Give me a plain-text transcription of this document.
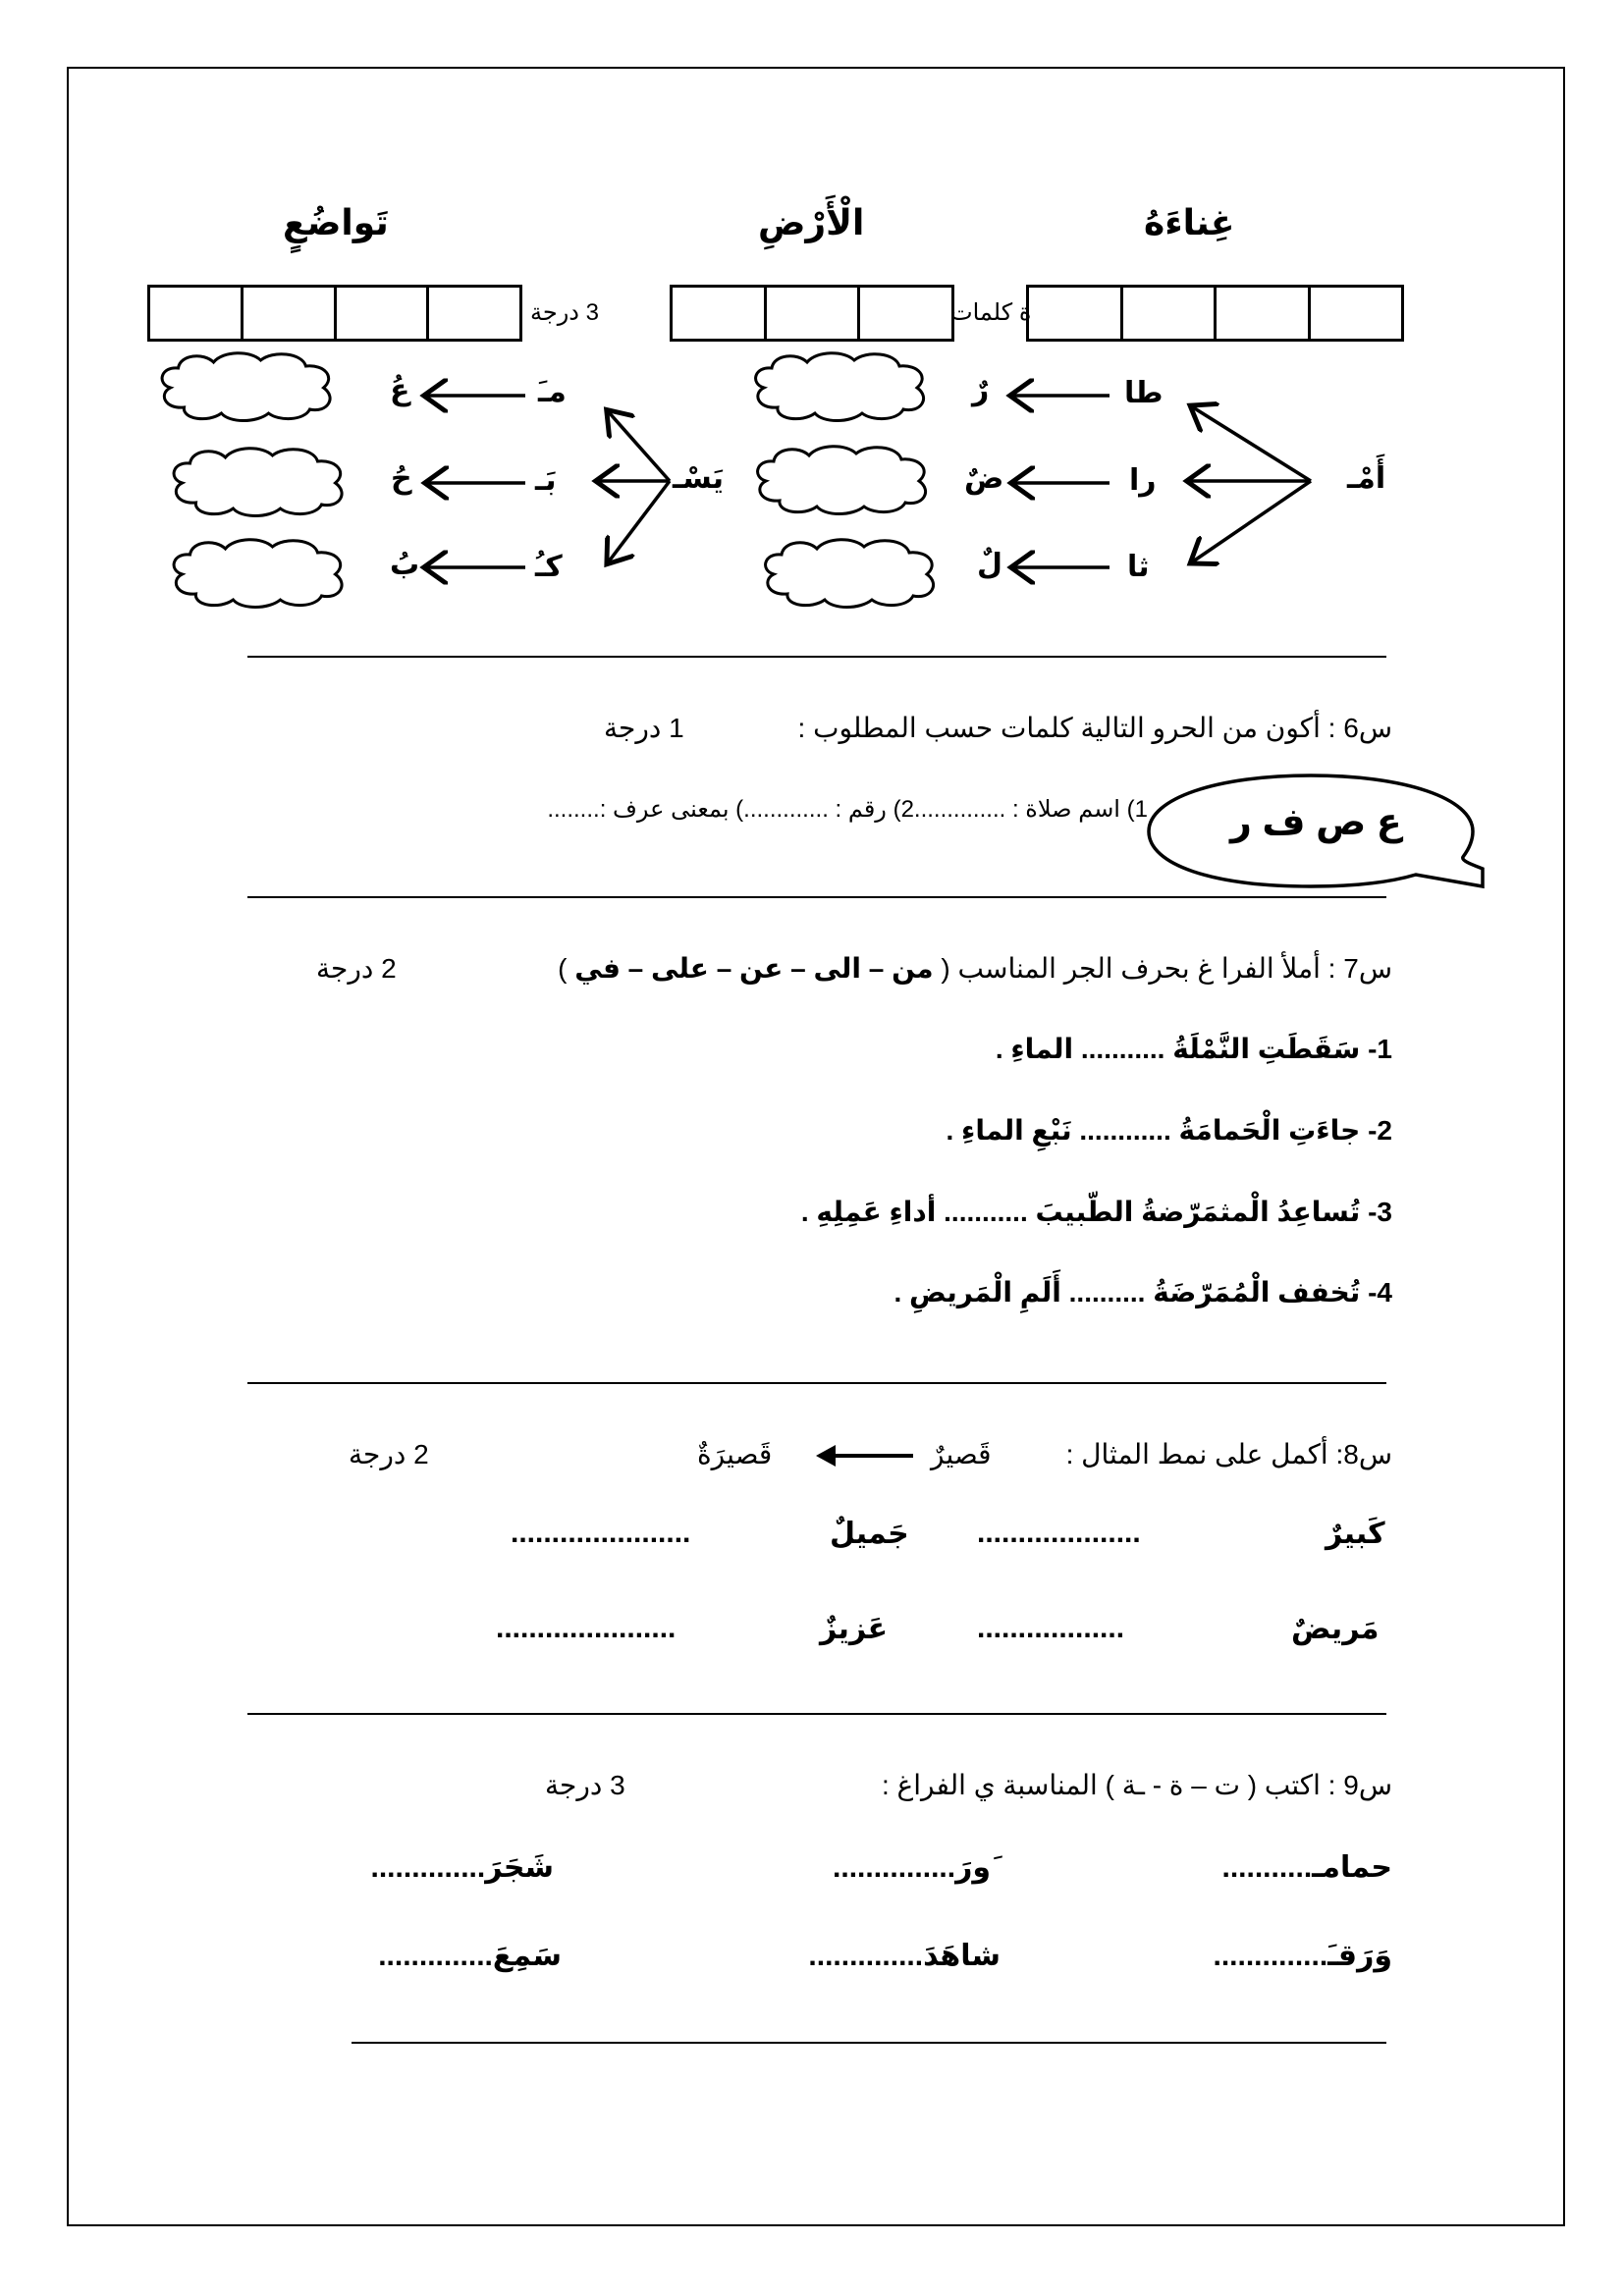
غِناءَهُ
الْأَرْضِ
تَواضُعٍ
ة كلمات
3 درجة
أَمْـ
طا
را
ثا
رٌ
ضٌ
لٌ
يَسْـ
مـَ
بَـ
كـُ
عُ
حُ
بُ
س6 : أكون من الحرو التالية كلمات حسب المطلوب :
1 درجة
1) اسم صلاة : ..............2) رقم : .............) بمعنى عرف :........ ع ص ف ر
س7 : أملأ الفرا غ بحرف الجر المناسب ( من – الى – عن – على – في )
2 درجة
1- سَقَطَتِ النَّمْلَةُ ........... الماءِ .
2- جاءَتِ الْحَمامَةُ ............ نَبْعِ الماءِ .
3- تُساعِدُ الْمثمَرّضةُ الطّبيبَ ........... أداءِ عَمِلِهِ .
4- تُخفف الْمُمَرّضَةُ .......... أَلَمِ الْمَريضِ .
س8: أكمل على نمط المثال :
قَصيرٌ
قَصيرَةٌ
2 درجة
كَبيرٌ
....................
جَميلٌ
......................
مَريضٌ
..................
عَزيزٌ
......................
س9 : اكتب ( ت – ة - ـة ) المناسبة ي الفراغ :
3 درجة
حمامـ...........
َورَ...............
شَجَرَ..............
وَرَقـَ..............
شاهَدَ..............
سَمِعَ..............
